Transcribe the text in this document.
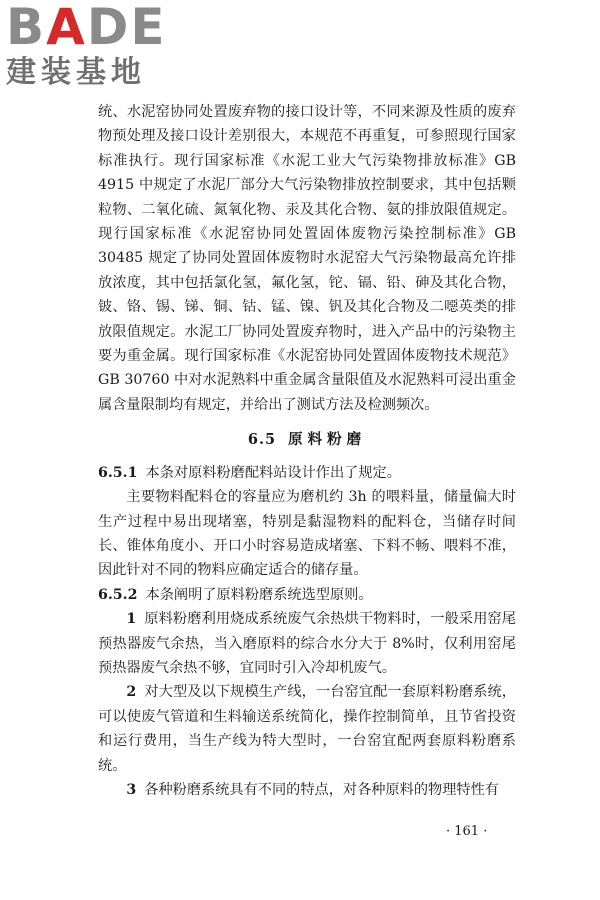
BADE
建装基地

统、水泥窑协同处置废弃物的接口设计等，不同来源及性质的废弃物预处理及接口设计差别很大，本规范不再重复，可参照现行国家标准执行。现行国家标准《水泥工业大气污染物排放标准》GB 4915 中规定了水泥厂部分大气污染物排放控制要求，其中包括颗粒物、二氧化硫、氮氧化物、汞及其化合物、氨的排放限值规定。现行国家标准《水泥窑协同处置固体废物污染控制标准》GB 30485 规定了协同处置固体废物时水泥窑大气污染物最高允许排放浓度，其中包括氯化氢，氟化氢，铊、镉、铅、砷及其化合物，铍、铬、锡、锑、铜、钴、锰、镍、钒及其化合物及二噁英类的排放限值规定。水泥工厂协同处置废弃物时，进入产品中的污染物主要为重金属。现行国家标准《水泥窑协同处置固体废物技术规范》GB 30760 中对水泥熟料中重金属含量限值及水泥熟料可浸出重金属含量限制均有规定，并给出了测试方法及检测频次。

6.5 原料粉磨

6.5.1 本条对原料粉磨配料站设计作出了规定。

主要物料配料仓的容量应为磨机约 3h 的喂料量，储量偏大时生产过程中易出现堵塞，特别是黏湿物料的配料仓，当储存时间长、锥体角度小、开口小时容易造成堵塞、下料不畅、喂料不准，因此针对不同的物料应确定适合的储存量。

6.5.2 本条阐明了原料粉磨系统选型原则。

1 原料粉磨利用烧成系统废气余热烘干物料时，一般采用窑尾预热器废气余热，当入磨原料的综合水分大于 8%时，仅利用窑尾预热器废气余热不够，宜同时引入冷却机废气。

2 对大型及以下规模生产线，一台窑宜配一套原料粉磨系统，可以使废气管道和生料输送系统简化，操作控制简单，且节省投资和运行费用，当生产线为特大型时，一台窑宜配两套原料粉磨系统。

3 各种粉磨系统具有不同的特点，对各种原料的物理特性有

· 161 ·
